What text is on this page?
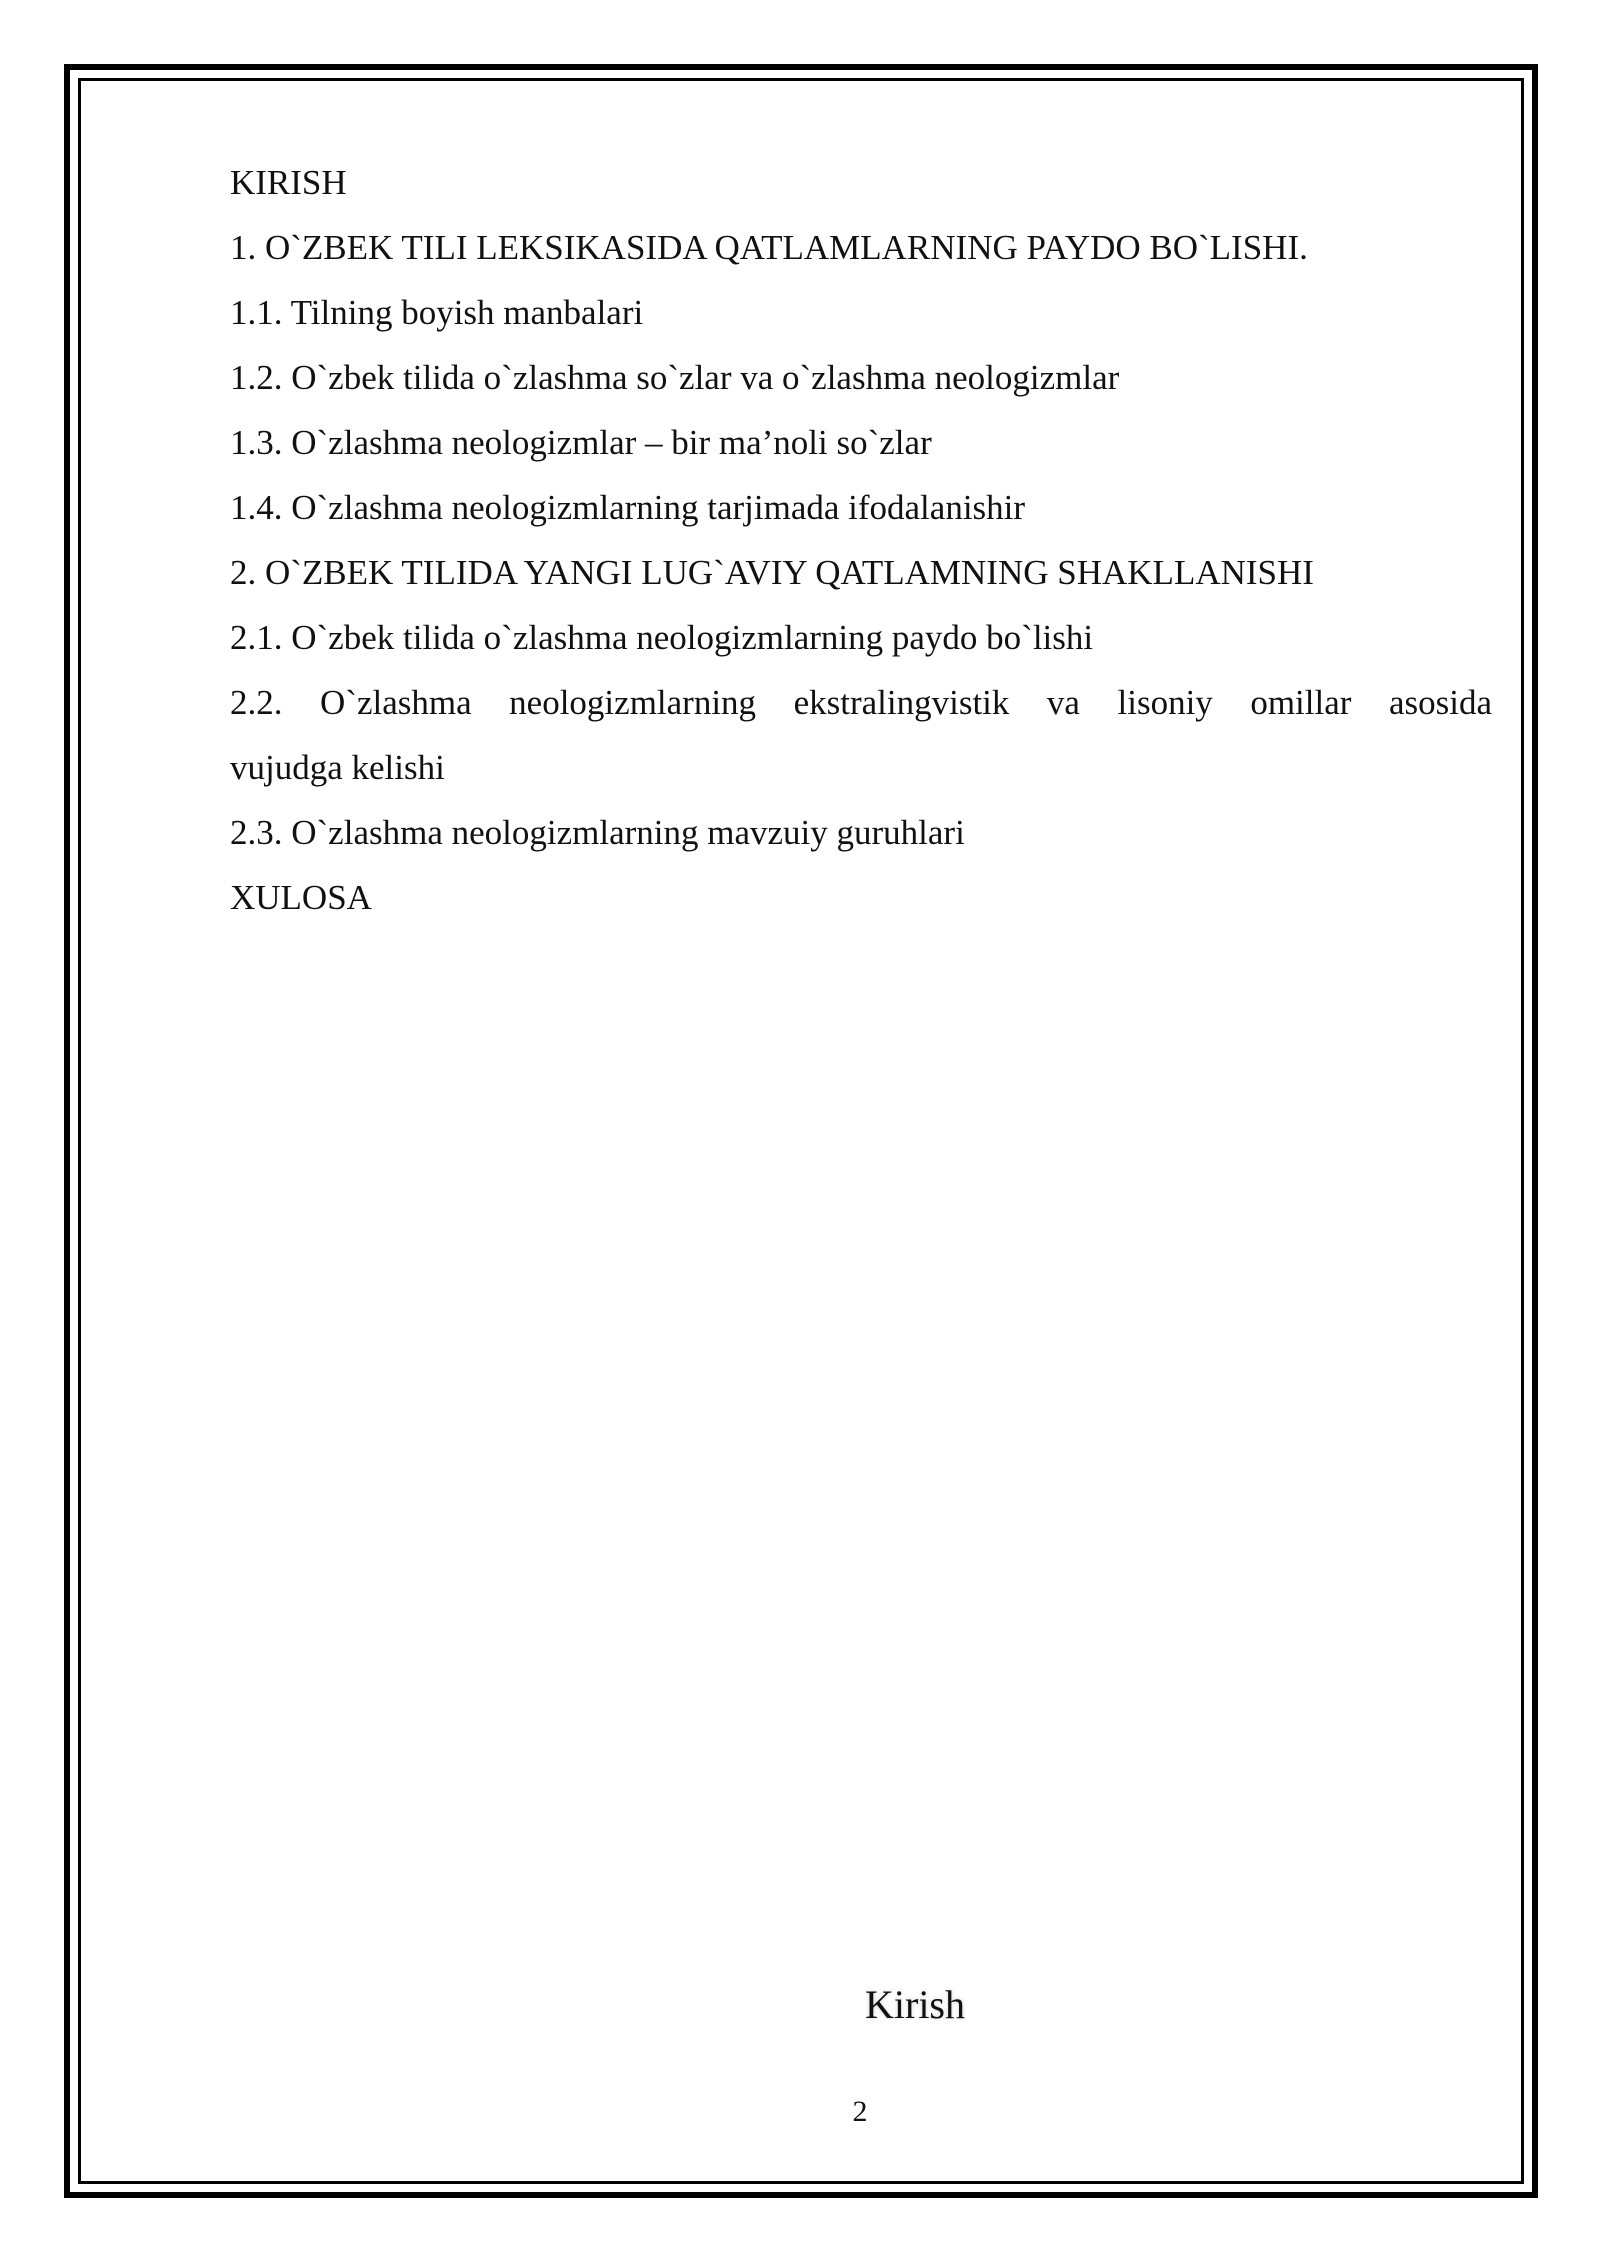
KIRISH
1. O`ZBEK TILI LEKSIKASIDA QATLAMLARNING PAYDO BO`LISHI.
1.1. Tilning boyish manbalari
1.2. O`zbek tilida o`zlashma so`zlar va o`zlashma neologizmlar
1.3. O`zlashma neologizmlar – bir ma’noli so`zlar
1.4. O`zlashma neologizmlarning tarjimada ifodalanishir
2. O`ZBEK TILIDA YANGI LUG`AVIY QATLAMNING SHAKLLANISHI
2.1. O`zbek tilida o`zlashma neologizmlarning paydo bo`lishi
2.2. O`zlashma neologizmlarning ekstralingvistik va lisoniy omillar asosida
vujudga kelishi
2.3. O`zlashma neologizmlarning mavzuiy guruhlari
XULOSA
Kirish
2
